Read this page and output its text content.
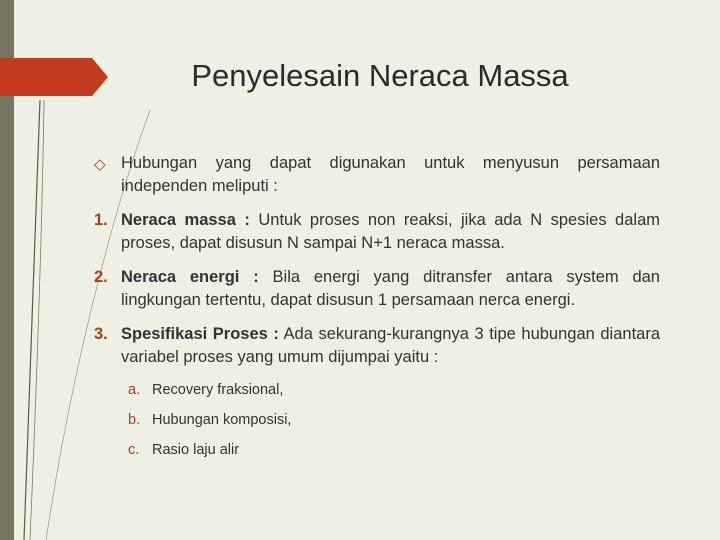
Penyelesain Neraca Massa
◇ Hubungan yang dapat digunakan untuk menyusun persamaan independen meliputi :
1. Neraca massa : Untuk proses non reaksi, jika ada N spesies dalam proses, dapat disusun N sampai N+1 neraca massa.
2. Neraca energi : Bila energi yang ditransfer antara system dan lingkungan tertentu, dapat disusun 1 persamaan nerca energi.
3. Spesifikasi Proses : Ada sekurang-kurangnya 3 tipe hubungan diantara variabel proses yang umum dijumpai yaitu :
a. Recovery fraksional,
b. Hubungan komposisi,
c. Rasio laju alir
